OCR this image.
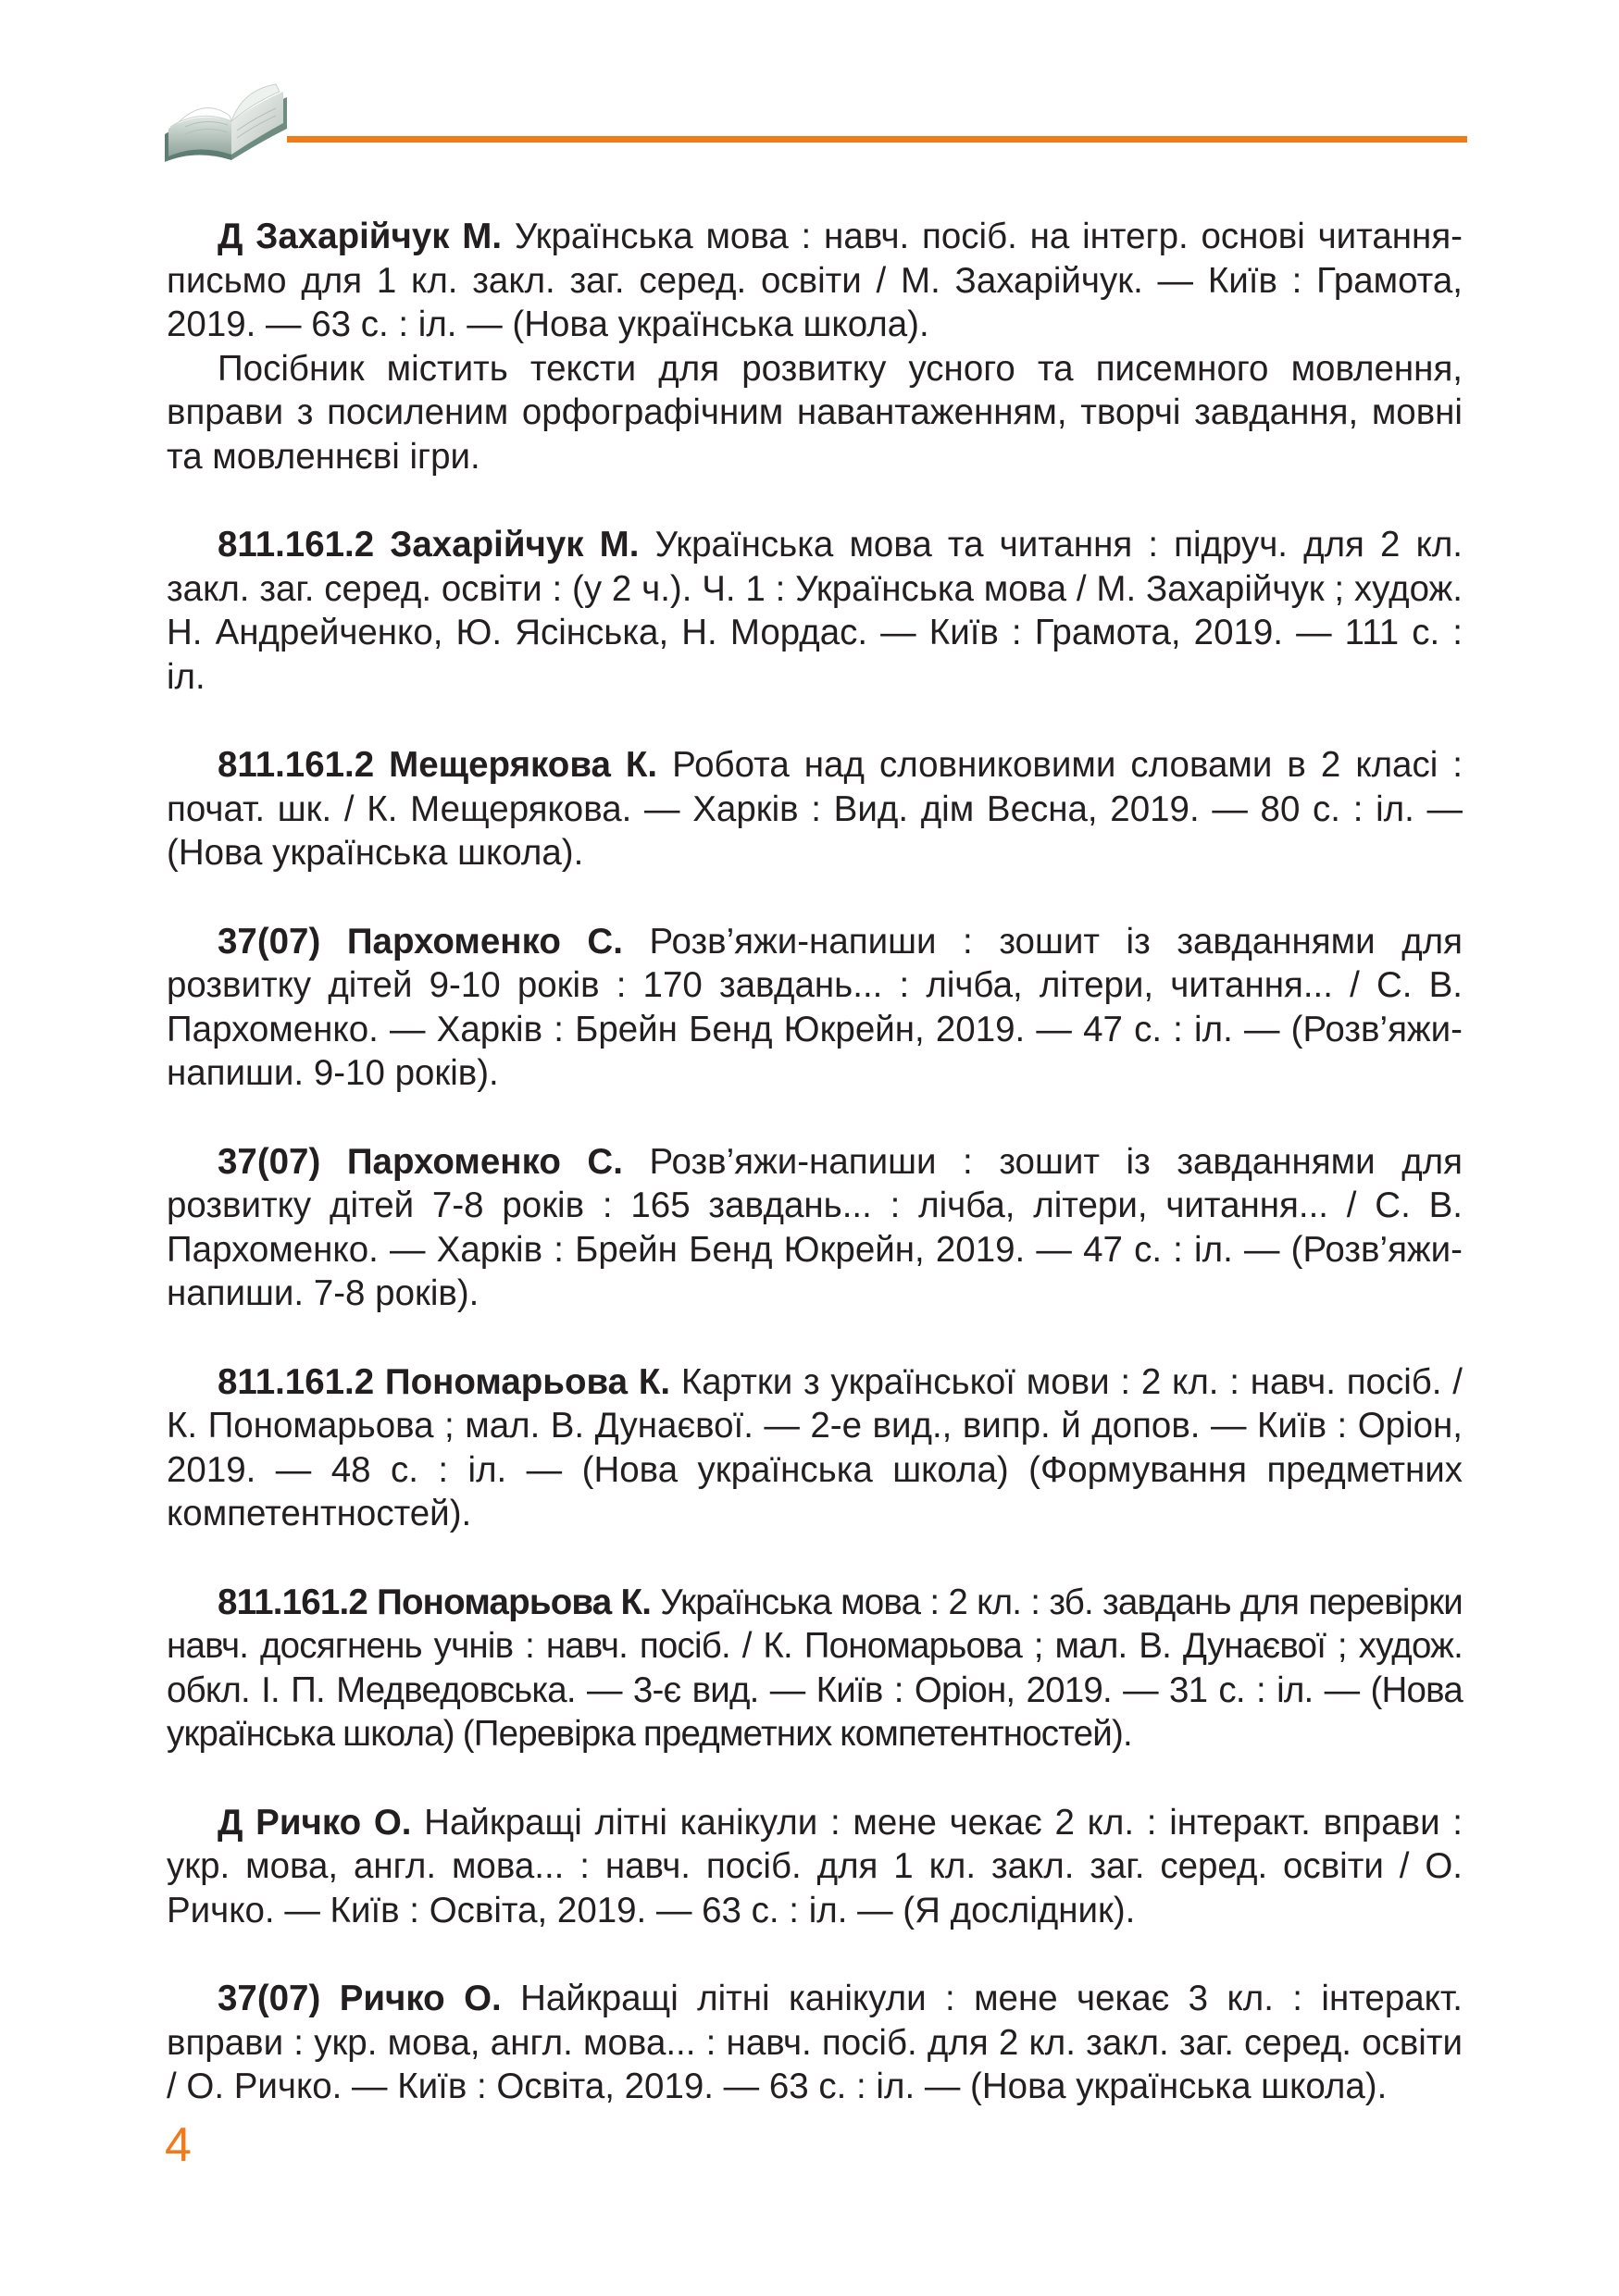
Д Захарійчук М. Українська мова : навч. посіб. на інтегр. основі читання-письмо для 1 кл. закл. заг. серед. освіти / М. Захарійчук. — Київ : Грамота, 2019. — 63 с. : іл. — (Нова українська школа).
Посібник містить тексти для розвитку усного та писемного мовлення, вправи з посиленим орфографічним навантаженням, творчі завдання, мовні та мовленнєві ігри.
811.161.2 Захарійчук М. Українська мова та читання : підруч. для 2 кл. закл. заг. серед. освіти : (у 2 ч.). Ч. 1 : Українська мова / М. Захарійчук ; худож. Н. Андрейченко, Ю. Ясінська, Н. Мордас. — Київ : Грамота, 2019. — 111 с. : іл.
811.161.2 Мещерякова К. Робота над словниковими словами в 2 класі : почат. шк. / К. Мещерякова. — Харків : Вид. дім Весна, 2019. — 80 с. : іл. — (Нова українська школа).
37(07) Пархоменко С. Розв’яжи-напиши : зошит із завданнями для розвитку дітей 9-10 років : 170 завдань... : лічба, літери, читання... / С. В. Пархоменко. — Харків : Брейн Бенд Юкрейн, 2019. — 47 с. : іл. — (Розв’яжи-напиши. 9-10 років).
37(07) Пархоменко С. Розв’яжи-напиши : зошит із завданнями для розвитку дітей 7-8 років : 165 завдань... : лічба, літери, читання... / С. В. Пархоменко. — Харків : Брейн Бенд Юкрейн, 2019. — 47 с. : іл. — (Розв’яжи-напиши. 7-8 років).
811.161.2 Пономарьова К. Картки з української мови : 2 кл. : навч. посіб. / К. Пономарьова ; мал. В. Дунаєвої. — 2-е вид., випр. й допов. — Київ : Оріон, 2019. — 48 с. : іл. — (Нова українська школа) (Формування предметних компетентностей).
811.161.2 Пономарьова К. Українська мова : 2 кл. : зб. завдань для перевірки навч. досягнень учнів : навч. посіб. / К. Пономарьова ; мал. В. Дунаєвої ; худож. обкл. І. П. Медведовська. — 3-є вид. — Київ : Оріон, 2019. — 31 с. : іл. — (Нова українська школа) (Перевірка предметних компетентностей).
Д Ричко О. Найкращі літні канікули : мене чекає 2 кл. : інтеракт. вправи : укр. мова, англ. мова... : навч. посіб. для 1 кл. закл. заг. серед. освіти / О. Ричко. — Київ : Освіта, 2019. — 63 с. : іл. — (Я дослідник).
37(07) Ричко О. Найкращі літні канікули : мене чекає 3 кл. : інтеракт. вправи : укр. мова, англ. мова... : навч. посіб. для 2 кл. закл. заг. серед. освіти / О. Ричко. — Київ : Освіта, 2019. — 63 с. : іл. — (Нова українська школа).
4
